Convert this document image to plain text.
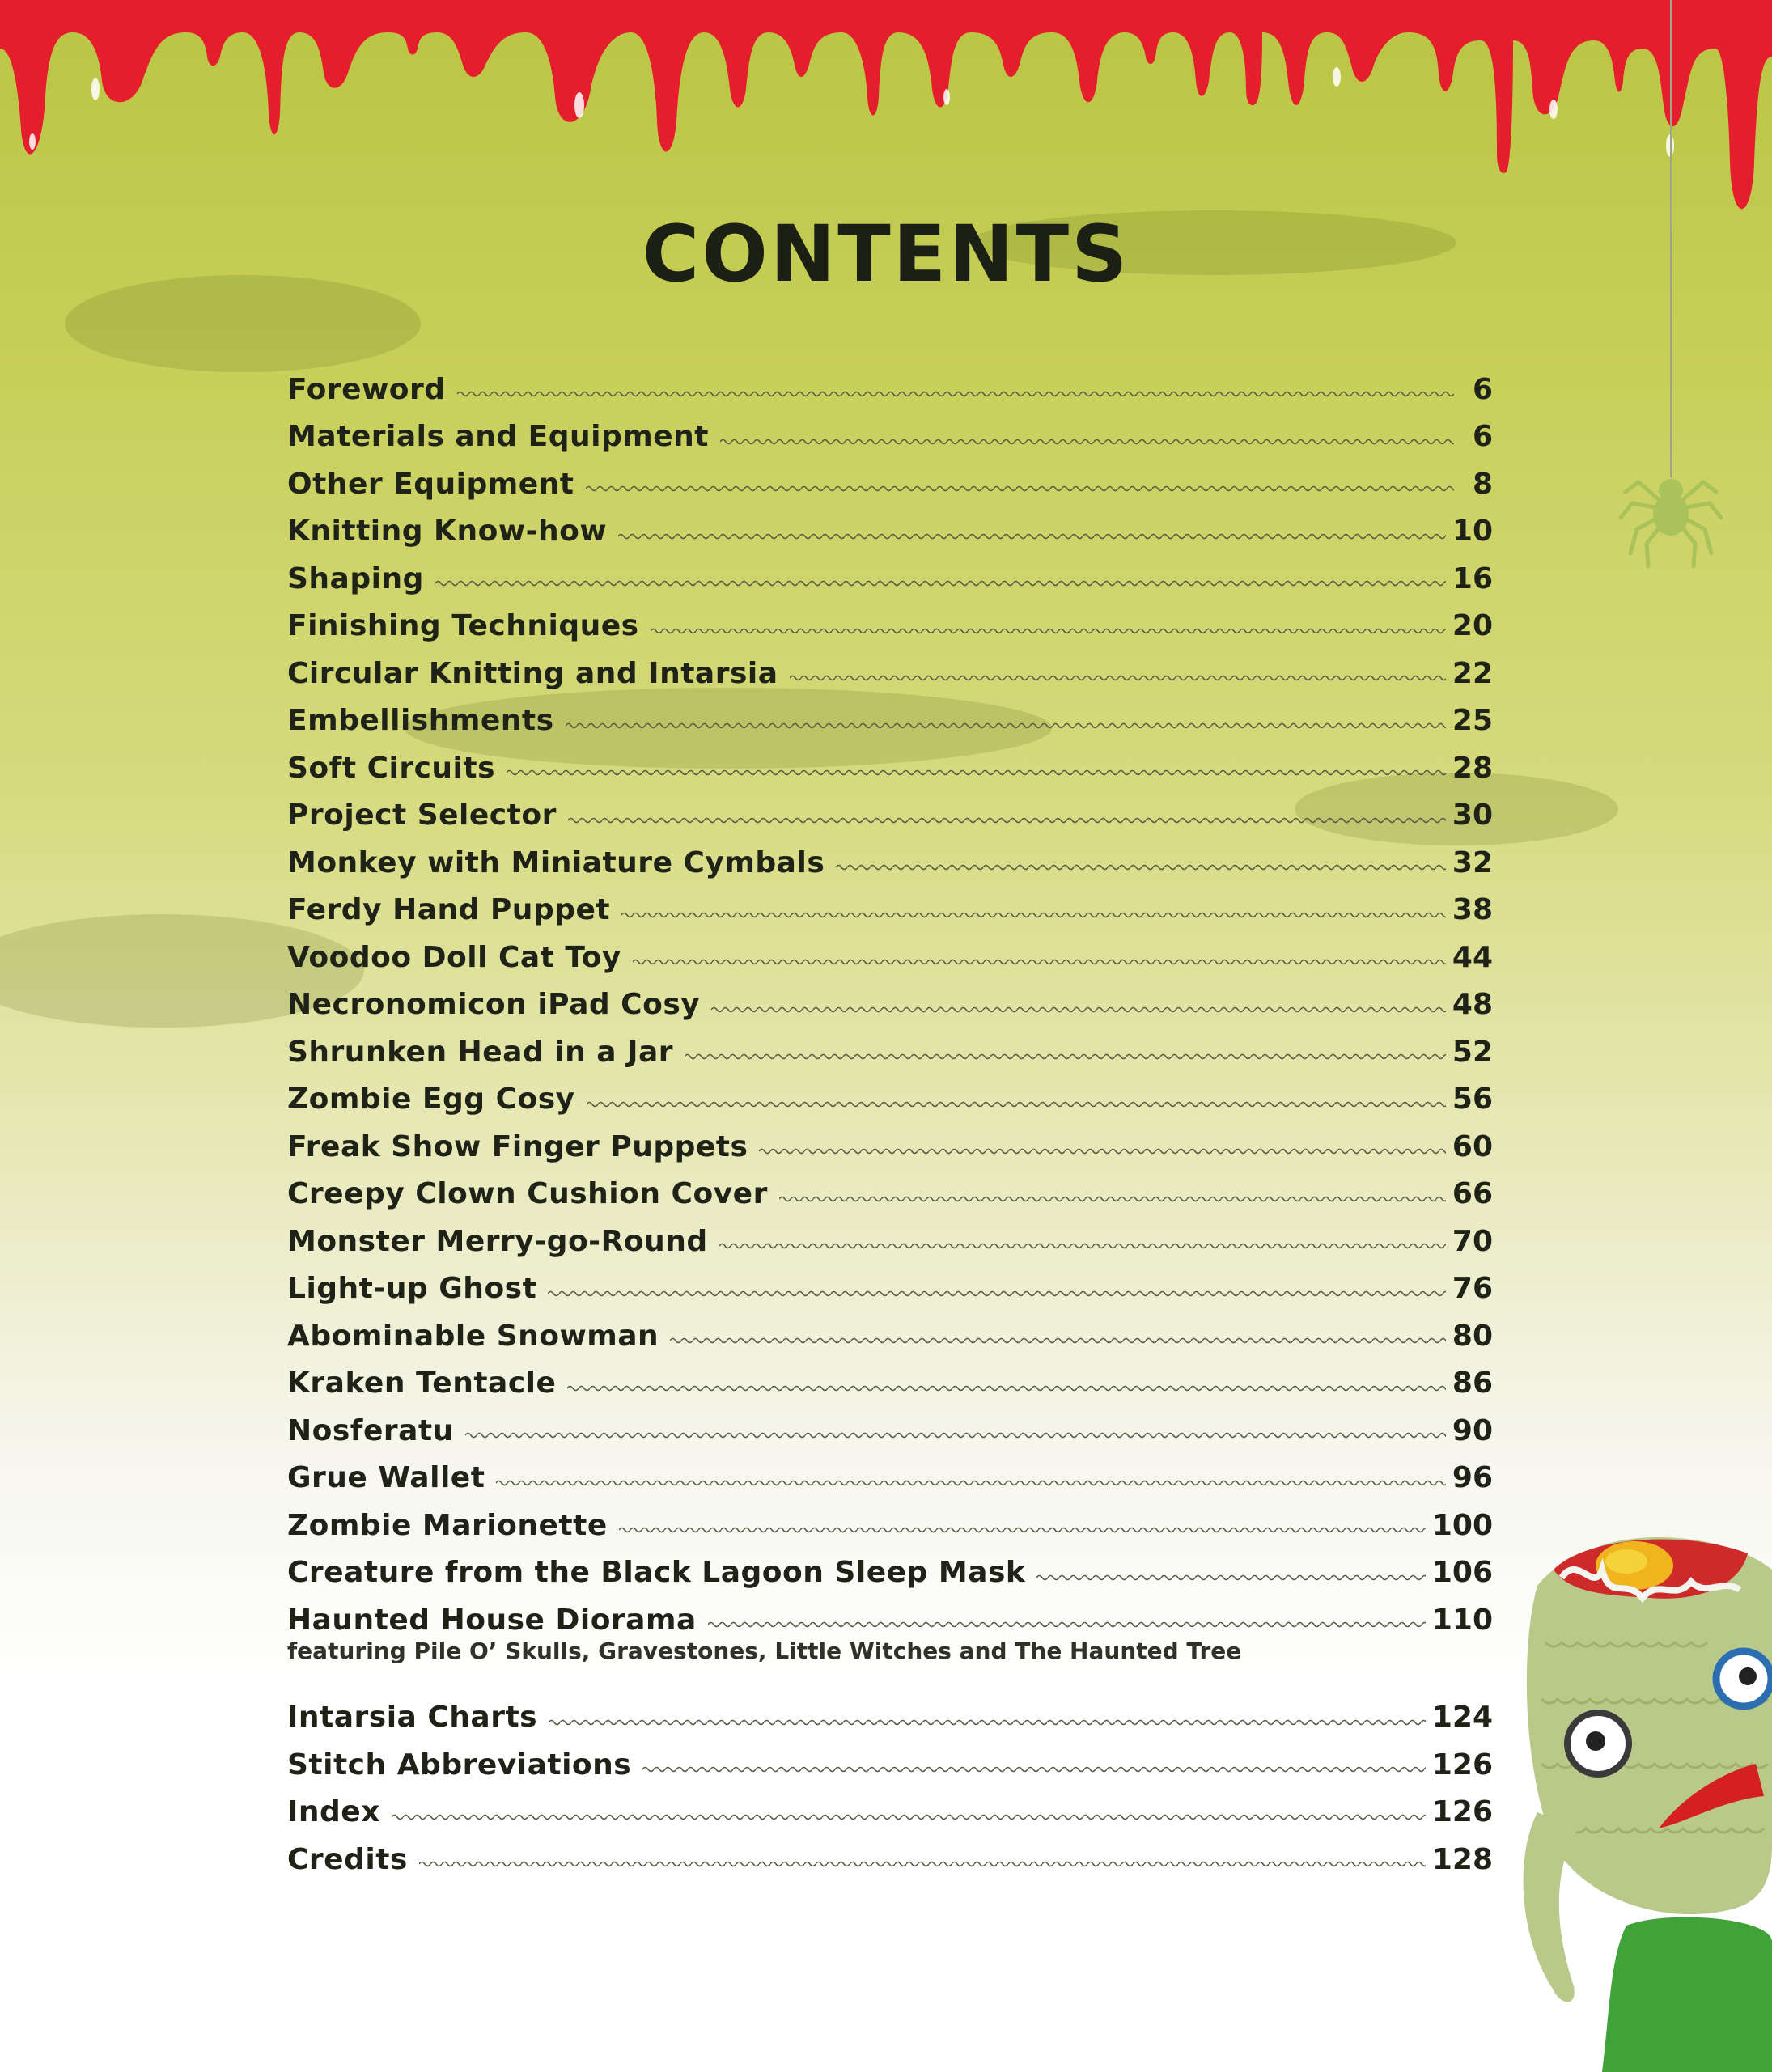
CONTENTS
Foreword	6
Materials and Equipment	6
Other Equipment	8
Knitting Know-how	10
Shaping	16
Finishing Techniques	20
Circular Knitting and Intarsia	22
Embellishments	25
Soft Circuits	28
Project Selector	30
Monkey with Miniature Cymbals	32
Ferdy Hand Puppet	38
Voodoo Doll Cat Toy	44
Necronomicon iPad Cosy	48
Shrunken Head in a Jar	52
Zombie Egg Cosy	56
Freak Show Finger Puppets	60
Creepy Clown Cushion Cover	66
Monster Merry-go-Round	70
Light-up Ghost	76
Abominable Snowman	80
Kraken Tentacle	86
Nosferatu	90
Grue Wallet	96
Zombie Marionette	100
Creature from the Black Lagoon Sleep Mask	106
Haunted House Diorama	110
featuring Pile O’ Skulls, Gravestones, Little Witches and The Haunted Tree
Intarsia Charts	124
Stitch Abbreviations	126
Index	126
Credits	128
